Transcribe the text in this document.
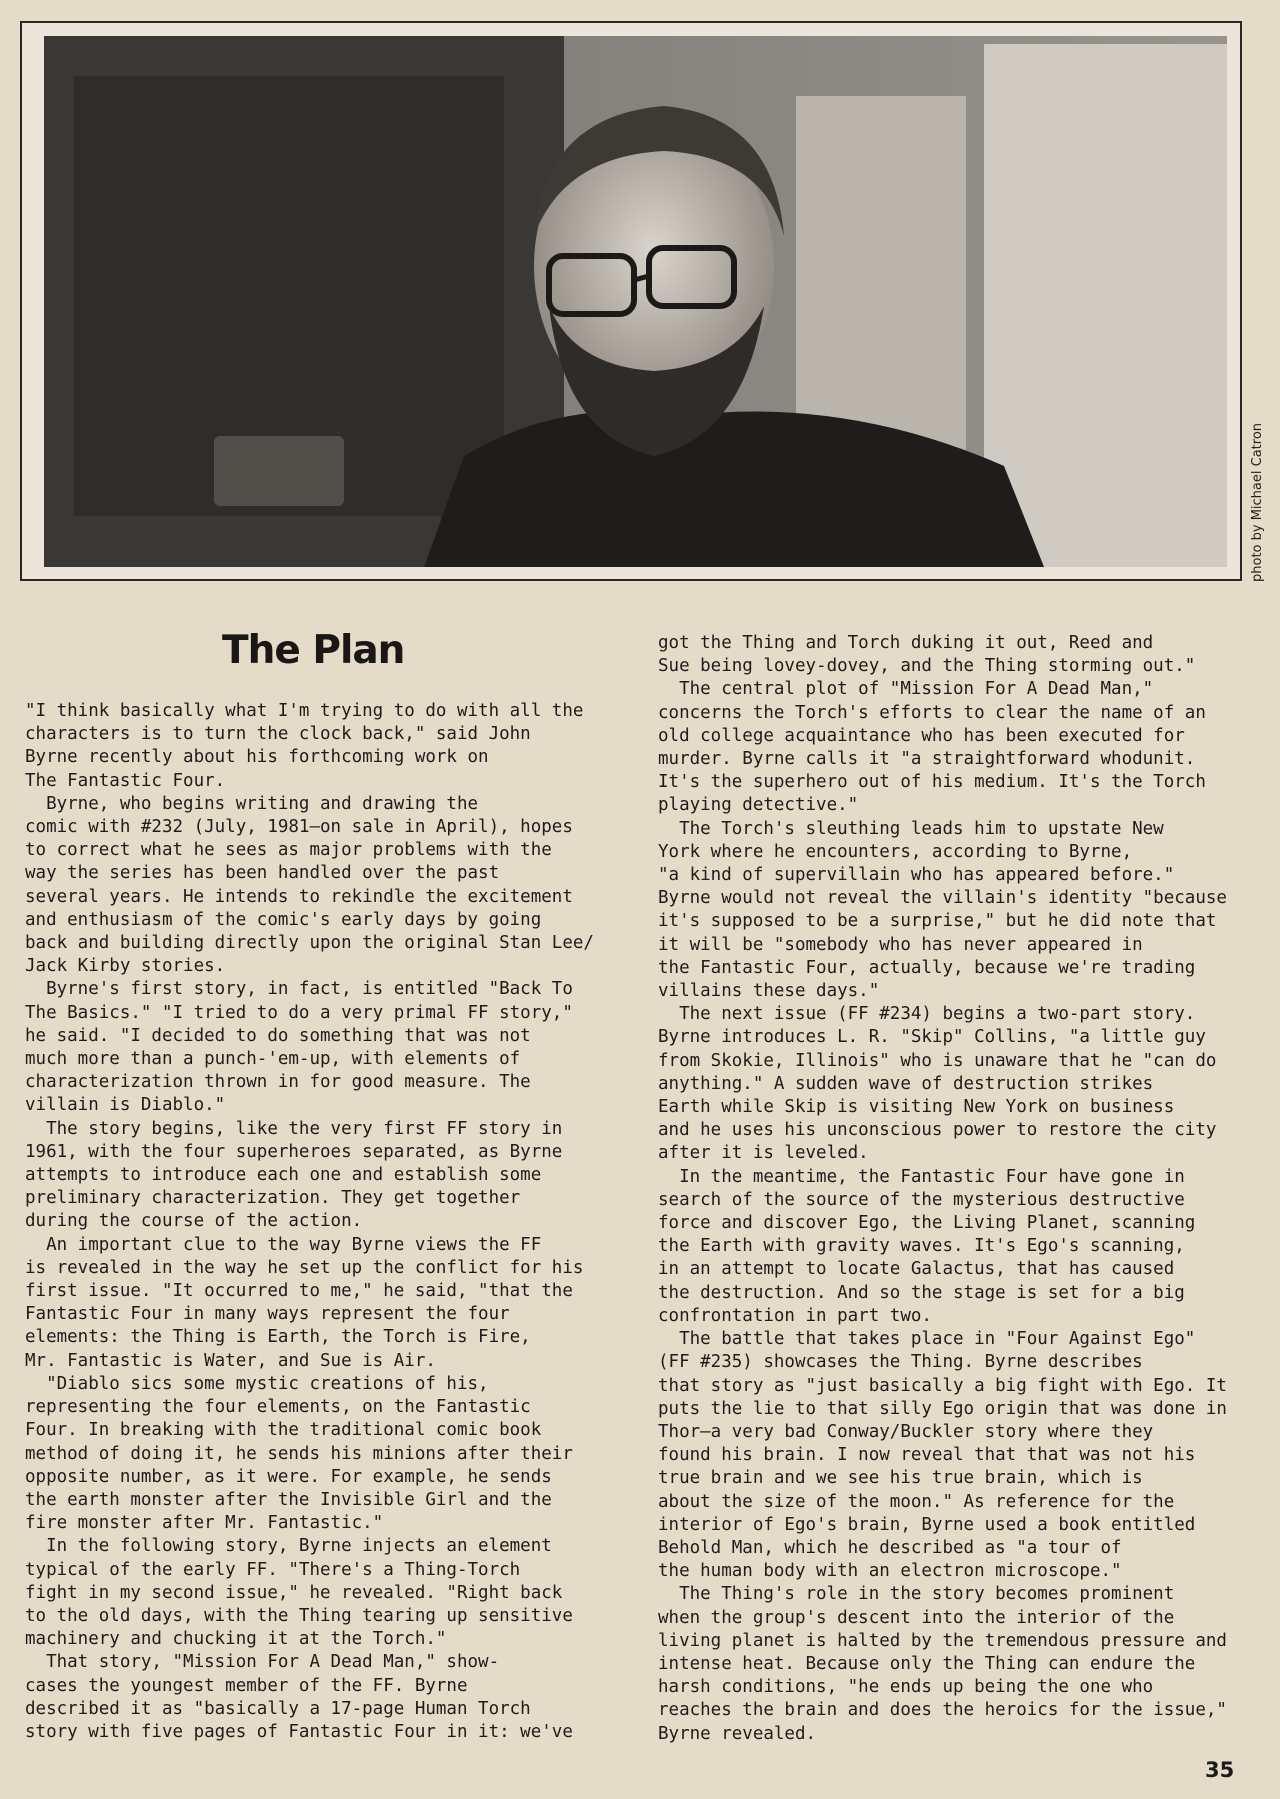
photo by Michael Catron
The Plan
"I think basically what I'm trying to do with all the
characters is to turn the clock back," said John
Byrne recently about his forthcoming work on
The Fantastic Four.
Byrne, who begins writing and drawing the
comic with #232 (July, 1981—on sale in April), hopes
to correct what he sees as major problems with the
way the series has been handled over the past
several years. He intends to rekindle the excitement
and enthusiasm of the comic's early days by going
back and building directly upon the original Stan Lee/
Jack Kirby stories.
Byrne's first story, in fact, is entitled "Back To
The Basics." "I tried to do a very primal FF story,"
he said. "I decided to do something that was not
much more than a punch-'em-up, with elements of
characterization thrown in for good measure. The
villain is Diablo."
The story begins, like the very first FF story in
1961, with the four superheroes separated, as Byrne
attempts to introduce each one and establish some
preliminary characterization. They get together
during the course of the action.
An important clue to the way Byrne views the FF
is revealed in the way he set up the conflict for his
first issue. "It occurred to me," he said, "that the
Fantastic Four in many ways represent the four
elements: the Thing is Earth, the Torch is Fire,
Mr. Fantastic is Water, and Sue is Air.
"Diablo sics some mystic creations of his,
representing the four elements, on the Fantastic
Four. In breaking with the traditional comic book
method of doing it, he sends his minions after their
opposite number, as it were. For example, he sends
the earth monster after the Invisible Girl and the
fire monster after Mr. Fantastic."
In the following story, Byrne injects an element
typical of the early FF. "There's a Thing-Torch
fight in my second issue," he revealed. "Right back
to the old days, with the Thing tearing up sensitive
machinery and chucking it at the Torch."
That story, "Mission For A Dead Man," show-
cases the youngest member of the FF. Byrne
described it as "basically a 17-page Human Torch
story with five pages of Fantastic Four in it: we've
got the Thing and Torch duking it out, Reed and
Sue being lovey-dovey, and the Thing storming out."
The central plot of "Mission For A Dead Man,"
concerns the Torch's efforts to clear the name of an
old college acquaintance who has been executed for
murder. Byrne calls it "a straightforward whodunit.
It's the superhero out of his medium. It's the Torch
playing detective."
The Torch's sleuthing leads him to upstate New
York where he encounters, according to Byrne,
"a kind of supervillain who has appeared before."
Byrne would not reveal the villain's identity "because
it's supposed to be a surprise," but he did note that
it will be "somebody who has never appeared in
the Fantastic Four, actually, because we're trading
villains these days."
The next issue (FF #234) begins a two-part story.
Byrne introduces L. R. "Skip" Collins, "a little guy
from Skokie, Illinois" who is unaware that he "can do
anything." A sudden wave of destruction strikes
Earth while Skip is visiting New York on business
and he uses his unconscious power to restore the city
after it is leveled.
In the meantime, the Fantastic Four have gone in
search of the source of the mysterious destructive
force and discover Ego, the Living Planet, scanning
the Earth with gravity waves. It's Ego's scanning,
in an attempt to locate Galactus, that has caused
the destruction. And so the stage is set for a big
confrontation in part two.
The battle that takes place in "Four Against Ego"
(FF #235) showcases the Thing. Byrne describes
that story as "just basically a big fight with Ego. It
puts the lie to that silly Ego origin that was done in
Thor—a very bad Conway/Buckler story where they
found his brain. I now reveal that that was not his
true brain and we see his true brain, which is
about the size of the moon." As reference for the
interior of Ego's brain, Byrne used a book entitled
Behold Man, which he described as "a tour of
the human body with an electron microscope."
The Thing's role in the story becomes prominent
when the group's descent into the interior of the
living planet is halted by the tremendous pressure and
intense heat. Because only the Thing can endure the
harsh conditions, "he ends up being the one who
reaches the brain and does the heroics for the issue,"
Byrne revealed.
35
